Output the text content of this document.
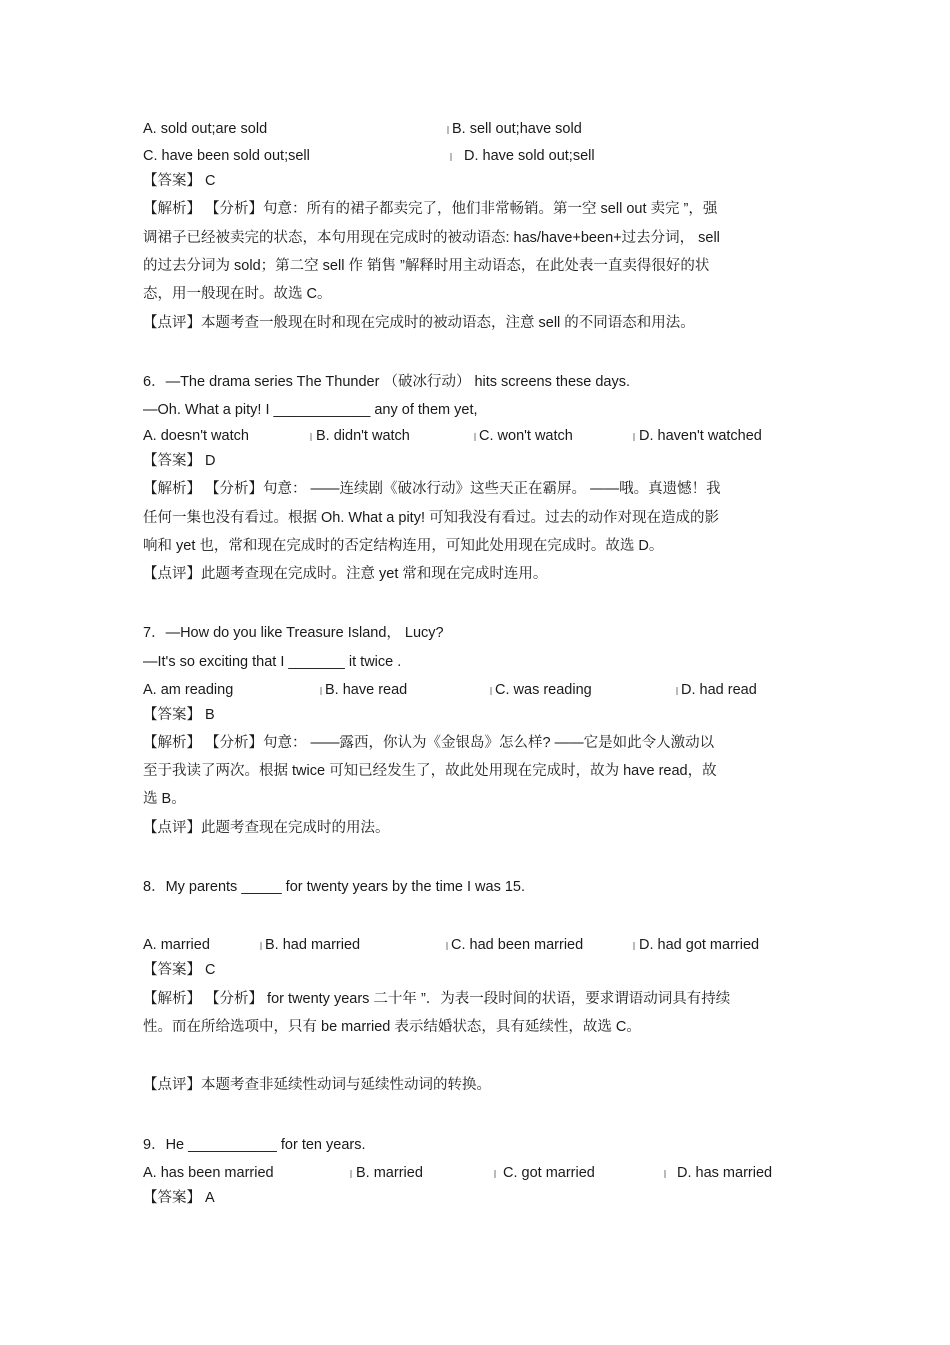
A. sold out;are sold	B. sell out;have sold
C. have been sold out;sell	D. have sold out;sell
【答案】 C
【解析】 【分析】句意：所有的裙子都卖完了，他们非常畅销。第一空 sell out 卖完 ”，强
调裙子已经被卖完的状态，本句用现在完成时的被动语态: has/have+been+过去分词， sell
的过去分词为 sold；第二空 sell 作 销售 ”解释时用主动语态，在此处表一直卖得很好的状
态，用一般现在时。故选 C。
【点评】本题考查一般现在时和现在完成时的被动语态，注意 sell 的不同语态和用法。
6．—The drama series The Thunder （破冰行动） hits screens these days.
—Oh. What a pity! I ____________ any of them yet,
A. doesn't watch	B. didn't watch	C. won't watch	D. haven't watched
【答案】 D
【解析】 【分析】句意： ——连续剧《破冰行动》这些天正在霸屏。 ——哦。真遗憾！我
任何一集也没有看过。根据 Oh. What a pity! 可知我没有看过。过去的动作对现在造成的影
响和 yet 也，常和现在完成时的否定结构连用，可知此处用现在完成时。故选 D。
【点评】此题考查现在完成时。注意 yet 常和现在完成时连用。
7．—How do you like Treasure Island， Lucy?
—It's so exciting that I _______ it twice .
A. am reading	B. have read	C. was reading	D. had read
【答案】 B
【解析】 【分析】句意： ——露西，你认为《金银岛》怎么样? ——它是如此令人激动以
至于我读了两次。根据 twice 可知已经发生了，故此处用现在完成时，故为 have read，故
选 B。
【点评】此题考查现在完成时的用法。
8．My parents _____ for twenty years by the time I was 15.
A. married	B. had married	C. had been married	D. had got married
【答案】 C
【解析】 【分析】 for twenty years 二十年 ”．为表一段时间的状语，要求谓语动词具有持续
性。而在所给选项中，只有 be married 表示结婚状态，具有延续性，故选 C。
【点评】本题考查非延续性动词与延续性动词的转换。
9．He ___________ for ten years.
A. has been married	B. married	C. got married	D. has married
【答案】 A
